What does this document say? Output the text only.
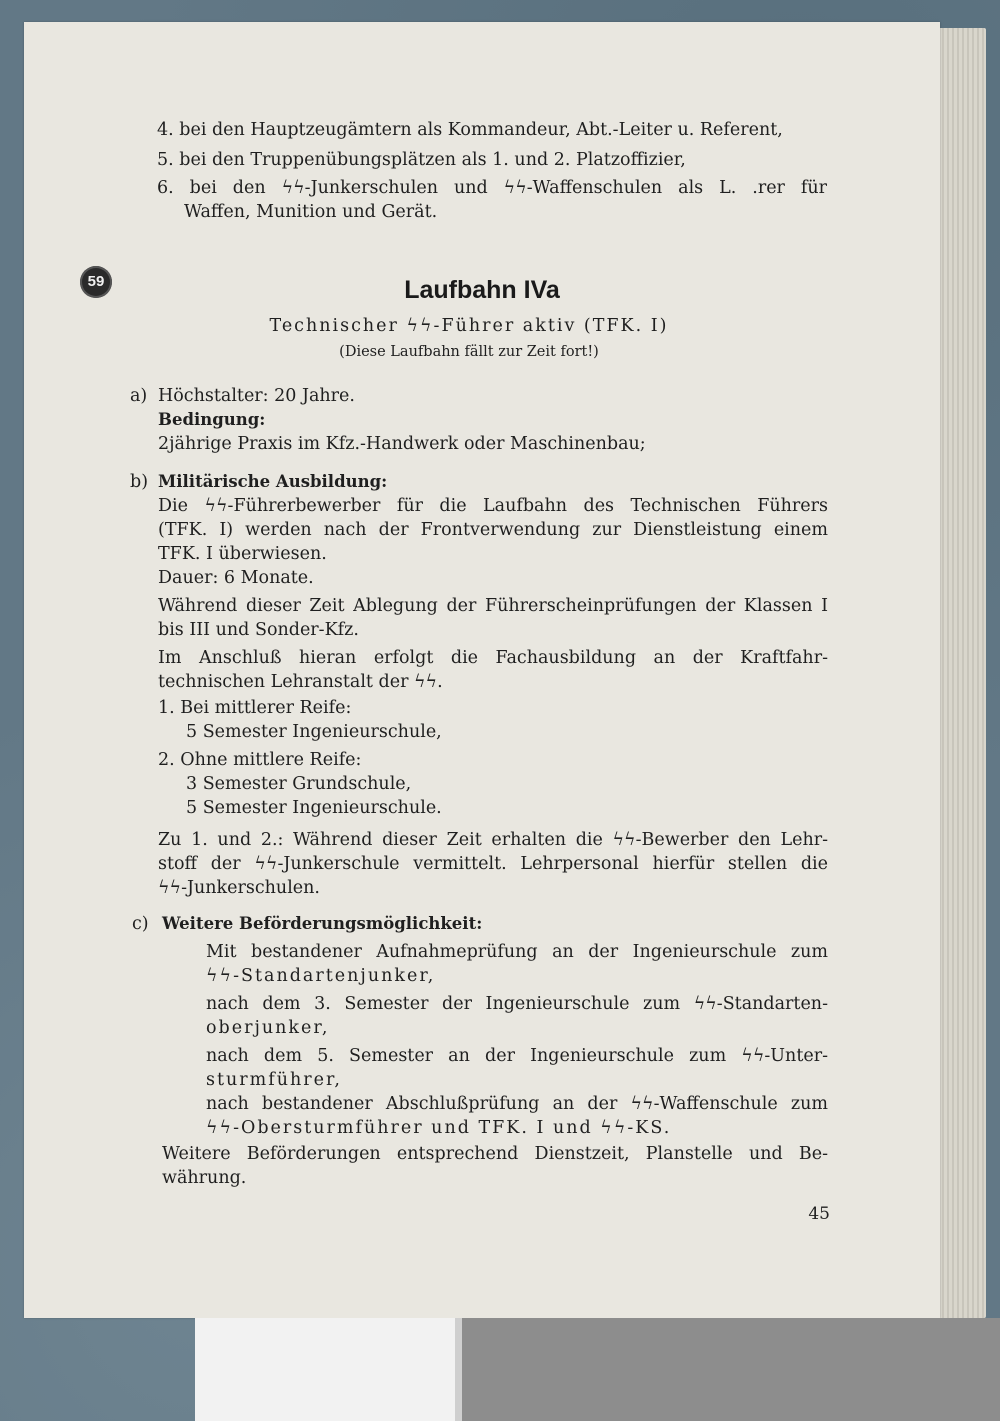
4. bei den Hauptzeugämtern als Kommandeur, Abt.-Leiter u. Referent,
5. bei den Truppenübungsplätzen als 1. und 2. Platzoffizier,
6. bei den ϟϟ-Junkerschulen und ϟϟ-Waffenschulen als L. .rer für
Waffen, Munition und Gerät.
59	Laufbahn IVa
Technischer ϟϟ-Führer aktiv (TFK. I)
(Diese Laufbahn fällt zur Zeit fort!)
a) Höchstalter: 20 Jahre.
Bedingung:
2jährige Praxis im Kfz.-Handwerk oder Maschinenbau;
b) Militärische Ausbildung:
Die ϟϟ-Führerbewerber für die Laufbahn des Technischen Führers
(TFK. I) werden nach der Frontverwendung zur Dienstleistung einem
TFK. I überwiesen.
Dauer: 6 Monate.
Während dieser Zeit Ablegung der Führerscheinprüfungen der Klassen I
bis III und Sonder-Kfz.
Im Anschluß hieran erfolgt die Fachausbildung an der Kraftfahr-
technischen Lehranstalt der ϟϟ.
1. Bei mittlerer Reife:
5 Semester Ingenieurschule,
2. Ohne mittlere Reife:
3 Semester Grundschule,
5 Semester Ingenieurschule.
Zu 1. und 2.: Während dieser Zeit erhalten die ϟϟ-Bewerber den Lehr-
stoff der ϟϟ-Junkerschule vermittelt. Lehrpersonal hierfür stellen die
ϟϟ-Junkerschulen.
c) Weitere Beförderungsmöglichkeit:
Mit bestandener Aufnahmeprüfung an der Ingenieurschule zum
ϟϟ-Standartenjunker,
nach dem 3. Semester der Ingenieurschule zum ϟϟ-Standarten-
oberjunker,
nach dem 5. Semester an der Ingenieurschule zum ϟϟ-Unter-
sturmführer,
nach bestandener Abschlußprüfung an der ϟϟ-Waffenschule zum
ϟϟ-Obersturmführer und TFK. I und ϟϟ-KS.
Weitere Beförderungen entsprechend Dienstzeit, Planstelle und Be-
währung.
45
